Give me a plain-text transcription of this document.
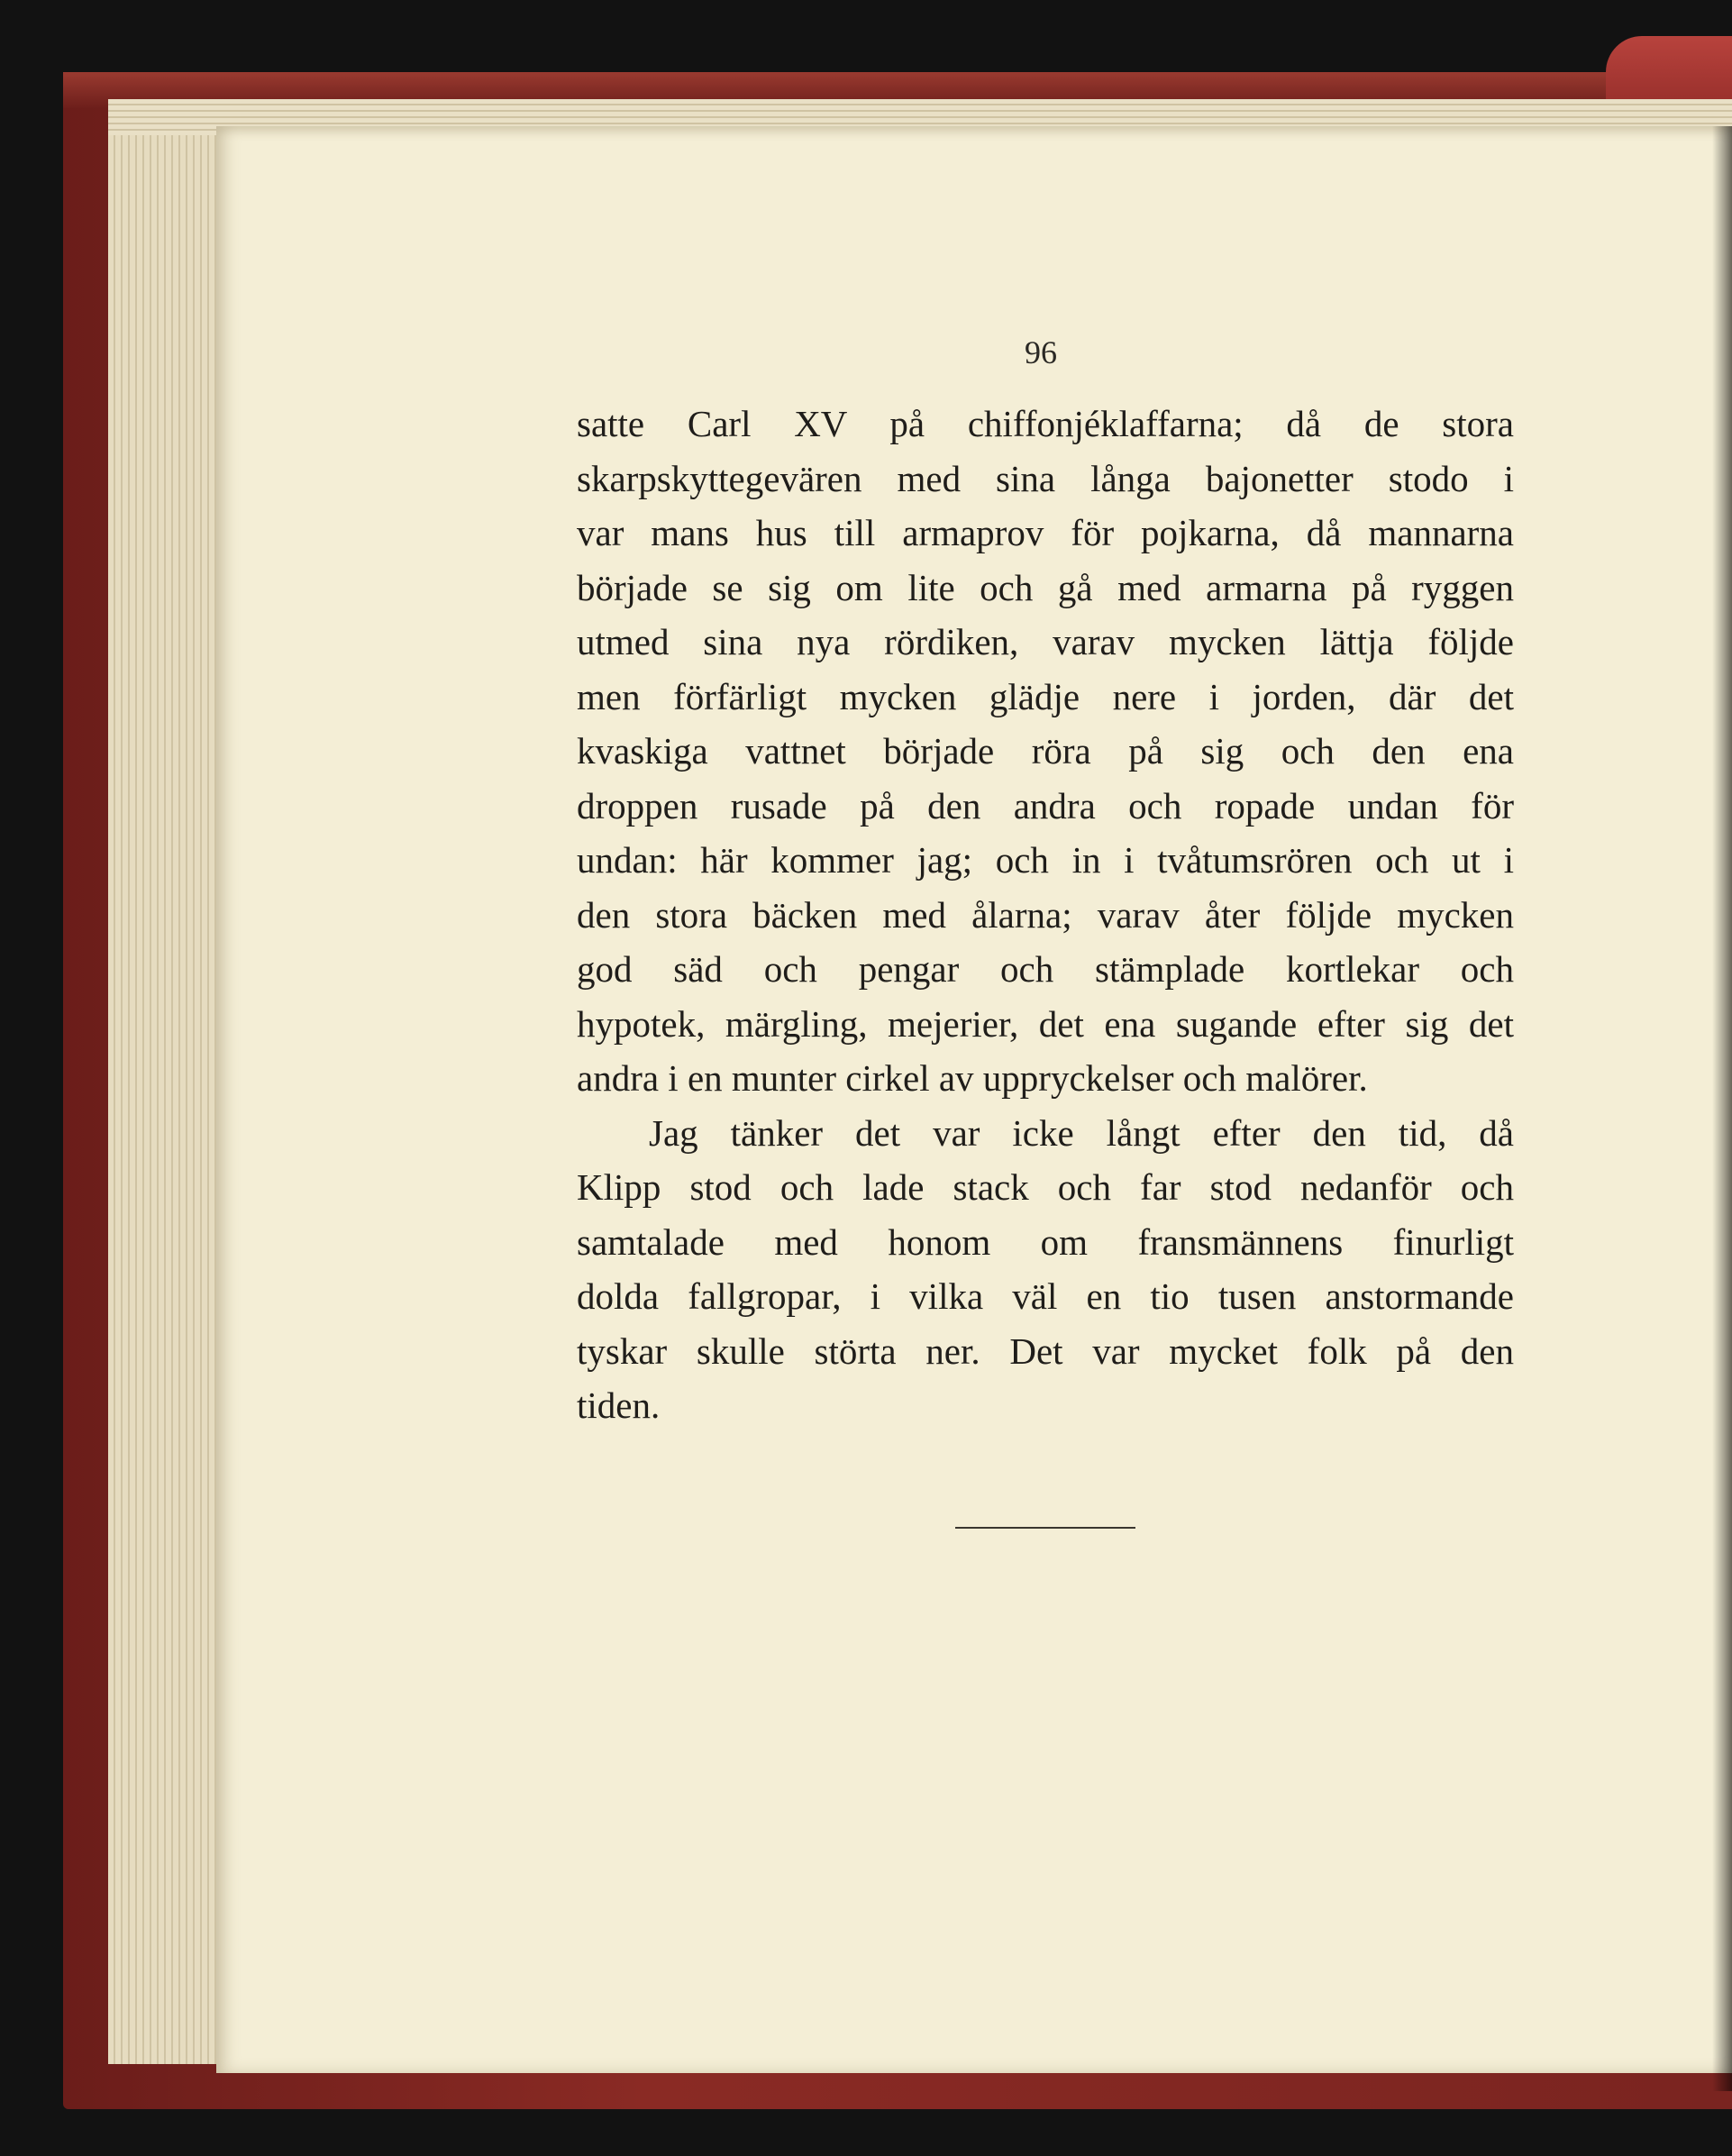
96
satte Carl XV på chiffonjéklaffarna; då de stora
skarpskyttegevären med sina långa bajonetter stodo i
var mans hus till armaprov för pojkarna, då mannarna
började se sig om lite och gå med armarna på ryggen
utmed sina nya rördiken, varav mycken lättja följde
men förfärligt mycken glädje nere i jorden, där det
kvaskiga vattnet började röra på sig och den ena
droppen rusade på den andra och ropade undan för
undan: här kommer jag; och in i tvåtumsrören och ut i
den stora bäcken med ålarna; varav åter följde mycken
god säd och pengar och stämplade kortlekar och
hypotek, märgling, mejerier, det ena sugande efter sig det
andra i en munter cirkel av uppryckelser och malörer.
Jag tänker det var icke långt efter den tid, då
Klipp stod och lade stack och far stod nedanför och
samtalade med honom om fransmännens finurligt
dolda fallgropar, i vilka väl en tio tusen anstormande
tyskar skulle störta ner. Det var mycket folk på den
tiden.
